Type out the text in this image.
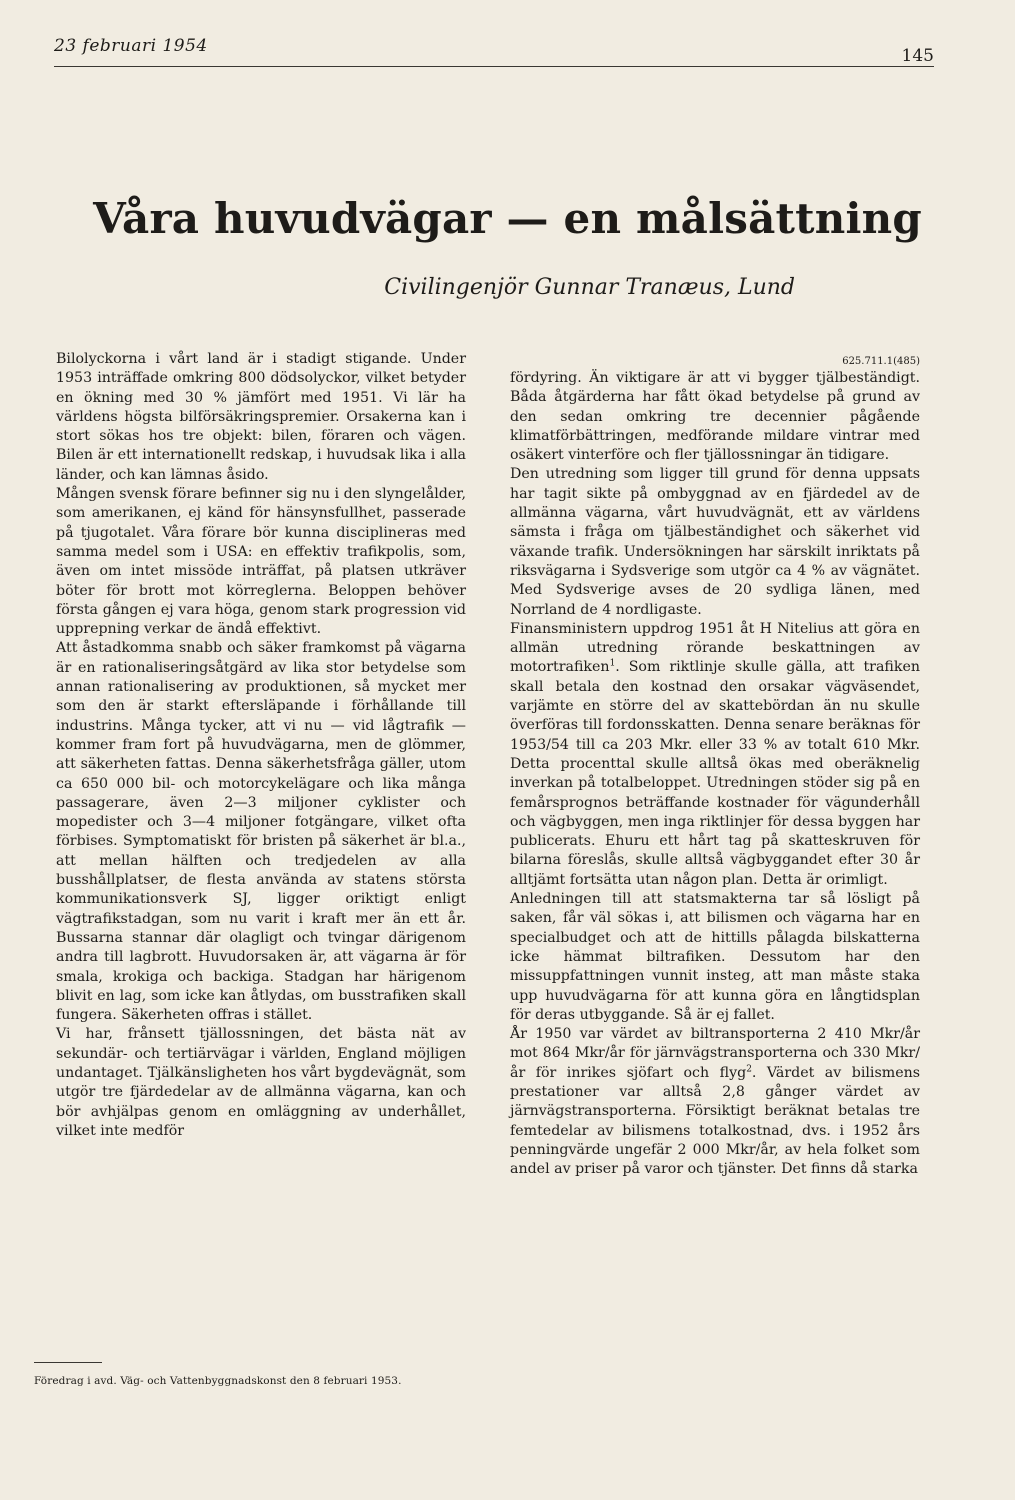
23 februari 1954	145
Våra huvudvägar — en målsättning
Civilingenjör Gunnar Tranæus, Lund

Bilolyckorna i vårt land är i stadigt stigande. Under 1953 inträffade omkring 800 dödsolyckor, vilket betyder en ökning med 30 % jämfört med 1951. Vi lär ha världens högsta bilförsäkringspremier. Orsakerna kan i stort sökas hos tre objekt: bilen, föraren och vägen. Bilen är ett internationellt redskap, i huvudsak lika i alla länder, och kan lämnas åsido.

Mången svensk förare befinner sig nu i den slyngelålder, som amerikanen, ej känd för hänsynsfullhet, passerade på tjugotalet. Våra förare bör kunna disciplineras med samma medel som i USA: en effektiv trafikpolis, som, även om intet missöde inträffat, på platsen utkräver böter för brott mot körreglerna. Beloppen behöver första gången ej vara höga, genom stark progression vid upprepning verkar de ändå effektivt.

Att åstadkomma snabb och säker framkomst på vägarna är en rationaliseringsåtgärd av lika stor betydelse som annan rationalisering av produktionen, så mycket mer som den är starkt eftersläpande i förhållande till industrins. Många tycker, att vi nu — vid lågtrafik — kommer fram fort på huvudvägarna, men de glömmer, att säkerheten fattas. Denna säkerhetsfråga gäller, utom ca 650 000 bil- och motorcykelägare och lika många passagerare, även 2—3 miljoner cyklister och mopedister och 3—4 miljoner fotgängare, vilket ofta förbises. Symptomatiskt för bristen på säkerhet är bl.a., att mellan hälften och tredjedelen av alla busshållplatser, de flesta använda av statens största kommunikationsverk SJ, ligger oriktigt enligt vägtrafikstadgan, som nu varit i kraft mer än ett år. Bussarna stannar där olagligt och tvingar därigenom andra till lagbrott. Huvudorsaken är, att vägarna är för smala, krokiga och backiga. Stadgan har härigenom blivit en lag, som icke kan åtlydas, om busstrafiken skall fungera. Säkerheten offras i stället.

Vi har, frånsett tjällossningen, det bästa nät av sekundär- och tertiärvägar i världen, England möjligen undantaget. Tjälkänsligheten hos vårt bygdevägnät, som utgör tre fjärdedelar av de allmänna vägarna, kan och bör avhjälpas genom en omläggning av underhållet, vilket inte medför

625.711.1(485)

fördyring. Än viktigare är att vi bygger tjälbeständigt. Båda åtgärderna har fått ökad betydelse på grund av den sedan omkring tre decennier pågående klimatförbättringen, medförande mildare vintrar med osäkert vinterföre och fler tjällossningar än tidigare.

Den utredning som ligger till grund för denna uppsats har tagit sikte på ombyggnad av en fjärdedel av de allmänna vägarna, vårt huvudvägnät, ett av världens sämsta i fråga om tjälbeständighet och säkerhet vid växande trafik. Undersökningen har särskilt inriktats på riksvägarna i Sydsverige som utgör ca 4 % av vägnätet. Med Sydsverige avses de 20 sydliga länen, med Norrland de 4 nordligaste.

Finansministern uppdrog 1951 åt H Nitelius att göra en allmän utredning rörande beskattningen av motortrafiken$^1$. Som riktlinje skulle gälla, att trafiken skall betala den kostnad den orsakar vägväsendet, varjämte en större del av skattebördan än nu skulle överföras till fordonsskatten. Denna senare beräknas för 1953/54 till ca 203 Mkr. eller 33 % av totalt 610 Mkr. Detta procenttal skulle alltså ökas med oberäknelig inverkan på totalbeloppet. Utredningen stöder sig på en femårsprognos beträffande kostnader för vägunderhåll och vägbyggen, men inga riktlinjer för dessa byggen har publicerats. Ehuru ett hårt tag på skatteskruven för bilarna föreslås, skulle alltså vägbyggandet efter 30 år alltjämt fortsätta utan någon plan. Detta är orimligt.

Anledningen till att statsmakterna tar så lösligt på saken, får väl sökas i, att bilismen och vägarna har en specialbudget och att de hittills pålagda bilskatterna icke hämmat biltrafiken. Dessutom har den missuppfattningen vunnit insteg, att man måste staka upp huvudvägarna för att kunna göra en långtidsplan för deras utbyggande. Så är ej fallet.

År 1950 var värdet av biltransporterna 2 410 Mkr/år mot 864 Mkr/år för järnvägstransporterna och 330 Mkr/år för inrikes sjöfart och flyg$^2$. Värdet av bilismens prestationer var alltså 2,8 gånger värdet av järnvägstransporterna. Försiktigt beräknat betalas tre femtedelar av bilismens totalkostnad, dvs. i 1952 års penningvärde ungefär 2 000 Mkr/år, av hela folket som andel av priser på varor och tjänster. Det finns då starka

Föredrag i avd. Väg- och Vattenbyggnadskonst den 8 februari 1953.
